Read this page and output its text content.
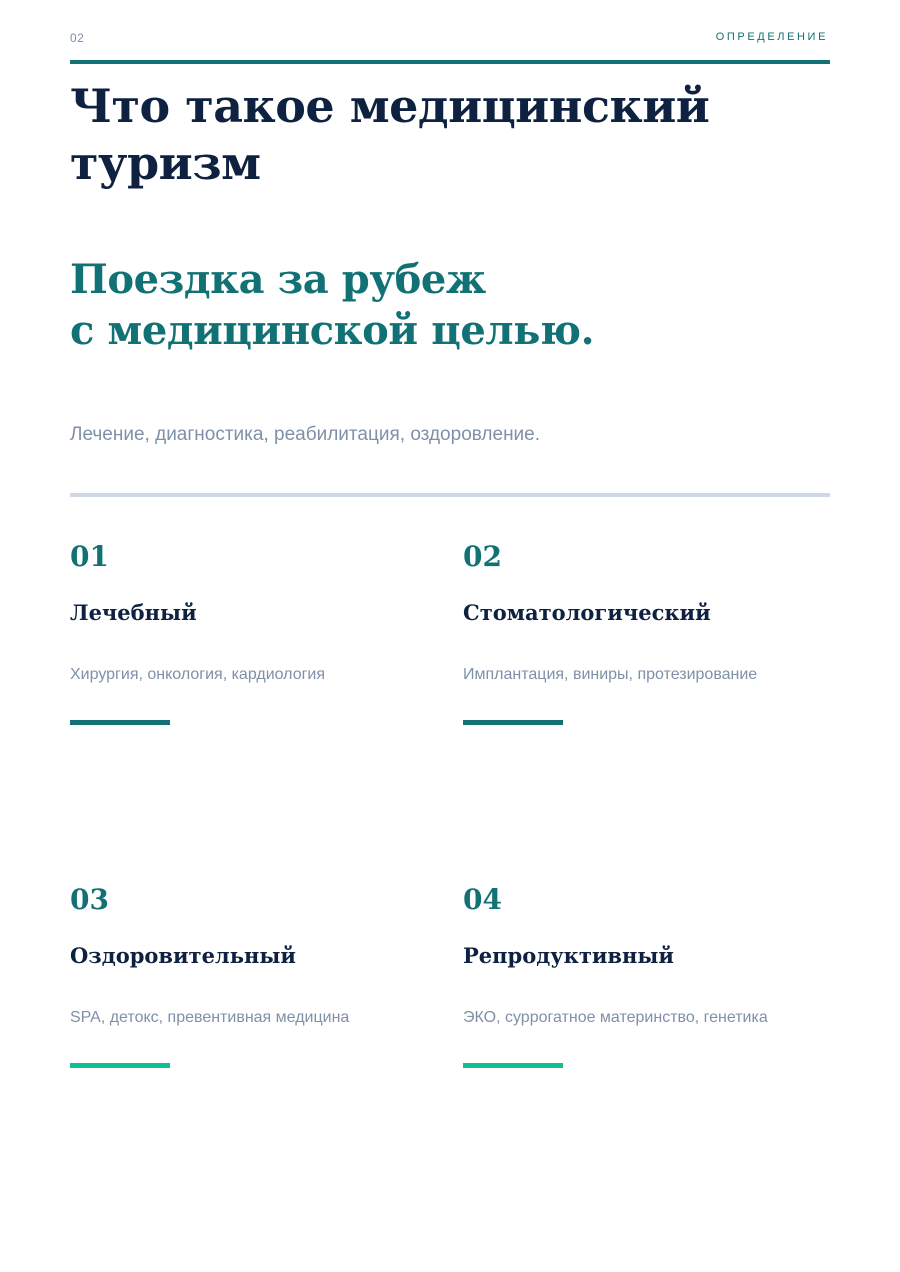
02	ОПРЕДЕЛЕНИЕ
Что такое медицинский туризм
Поездка за рубеж
с медицинской целью.
Лечение, диагностика, реабилитация, оздоровление.
01
Лечебный
Хирургия, онкология, кардиология
02
Стоматологический
Имплантация, виниры, протезирование
03
Оздоровительный
SPA, детокс, превентивная медицина
04
Репродуктивный
ЭКО, суррогатное материнство, генетика
